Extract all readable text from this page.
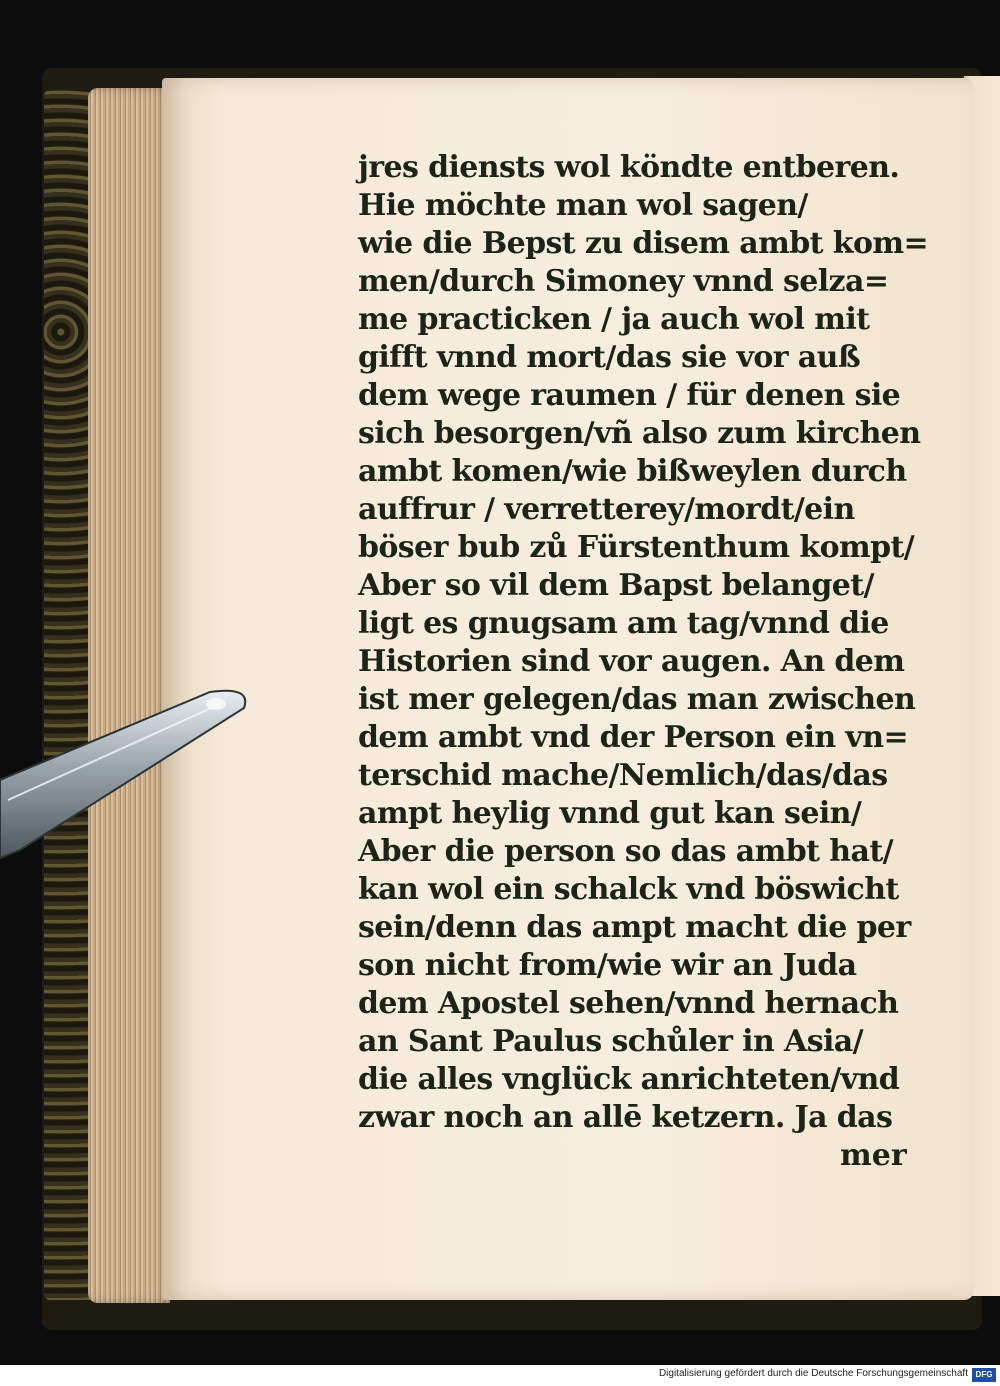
jres diensts wol köndte entberen.
Hie möchte man wol sagen/
wie die Bepst zu disem ambt kom=
men/durch Simoney vnnd selza=
me practicken / ja auch wol mit
gifft vnnd mort/das sie vor auß
dem wege raumen / für denen sie
sich besorgen/vñ also zum kirchen
ambt komen/wie bißweylen durch
auffrur / verretterey/mordt/ein
böser bub zů Fürstenthum kompt/
Aber so vil dem Bapst belanget/
ligt es gnugsam am tag/vnnd die
Historien sind vor augen. An dem
ist mer gelegen/das man zwischen
dem ambt vnd der Person ein vn=
terschid mache/Nemlich/das/das
ampt heylig vnnd gut kan sein/
Aber die person so das ambt hat/
kan wol ein schalck vnd böswicht
sein/denn das ampt macht die per
son nicht from/wie wir an Juda
dem Apostel sehen/vnnd hernach
an Sant Paulus schůler in Asia/
die alles vnglück anrichteten/vnd
zwar noch an allē ketzern. Ja das
mer
Digitalisierung gefördert durch die Deutsche Forschungsgemeinschaft DFG
